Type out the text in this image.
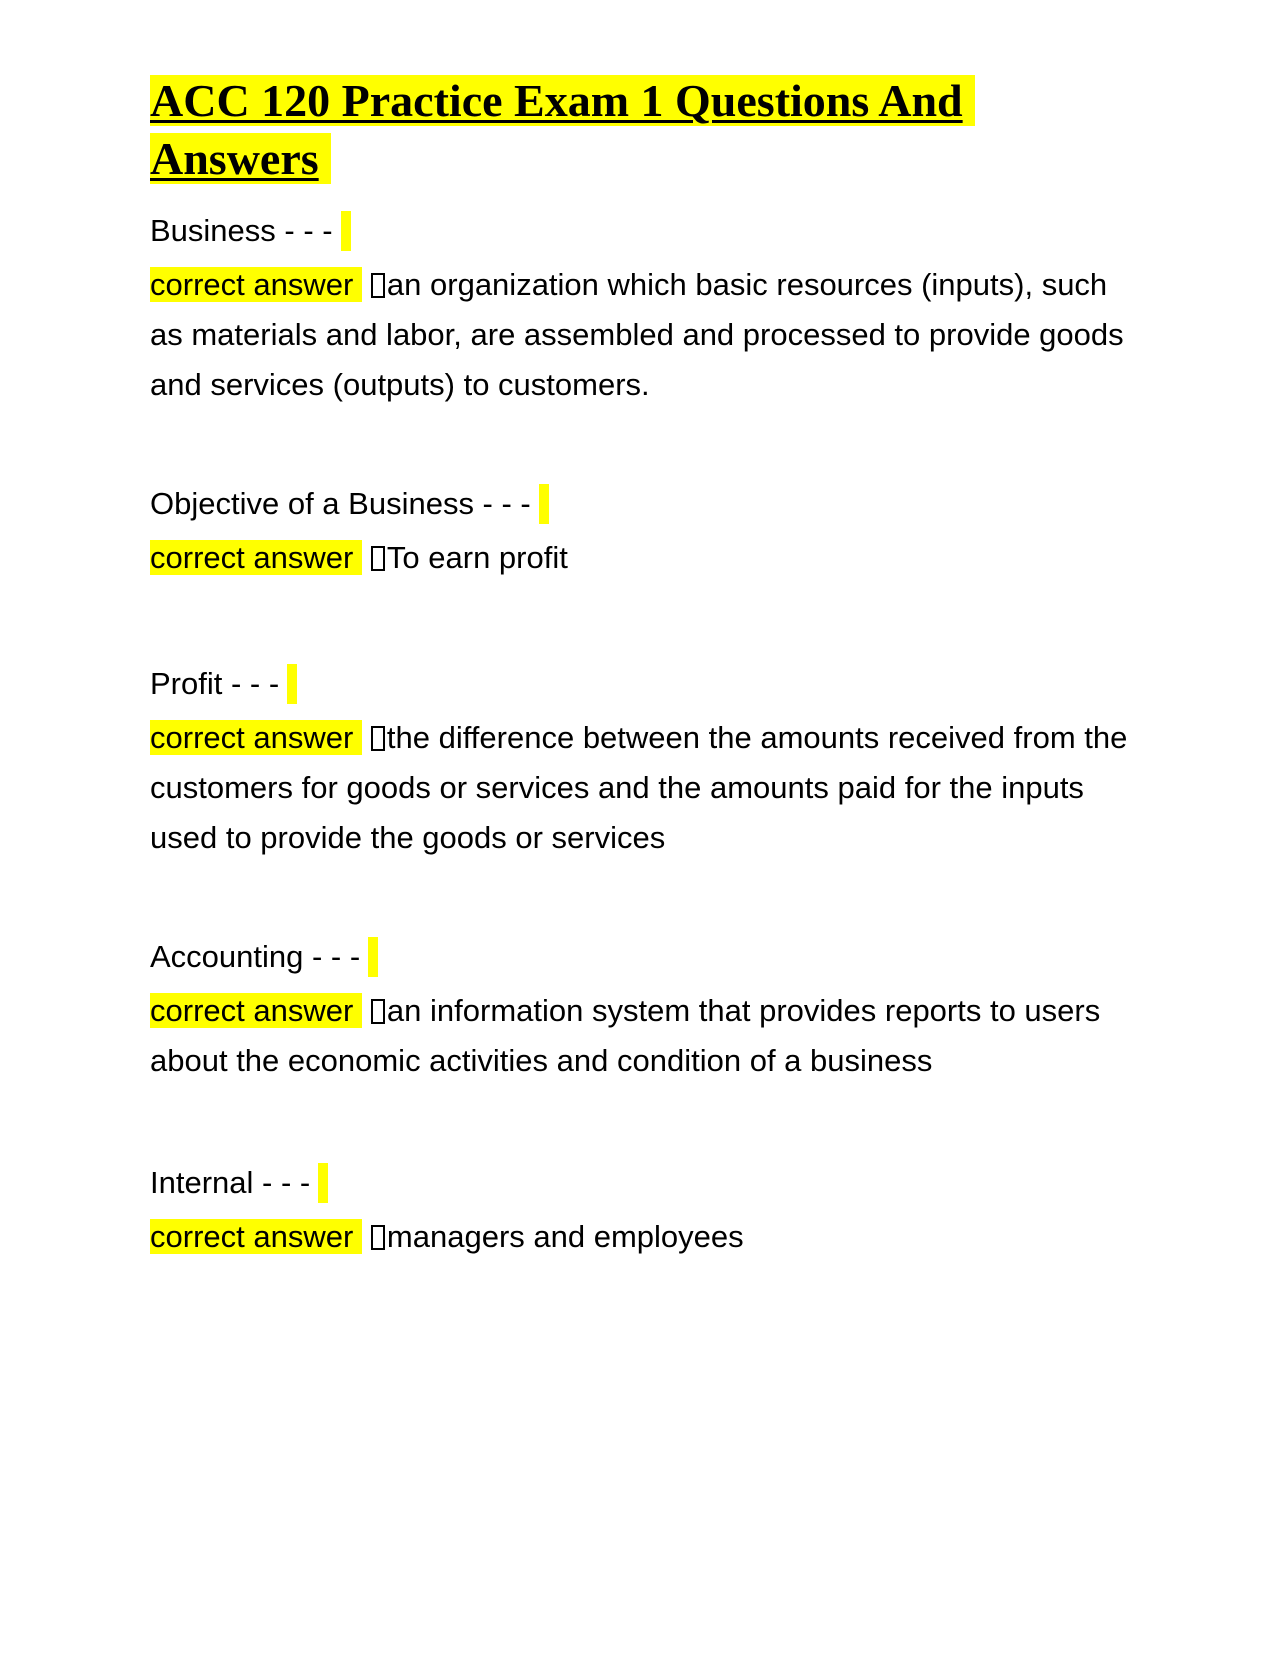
ACC 120 Practice Exam 1 Questions And Answers
Business - - -
correct answer an organization which basic resources (inputs), such as materials and labor, are assembled and processed to provide goods and services (outputs) to customers.
Objective of a Business - - -
correct answer To earn profit
Profit - - -
correct answer the difference between the amounts received from the customers for goods or services and the amounts paid for the inputs used to provide the goods or services
Accounting - - -
correct answer an information system that provides reports to users about the economic activities and condition of a business
Internal - - -
correct answer managers and employees
